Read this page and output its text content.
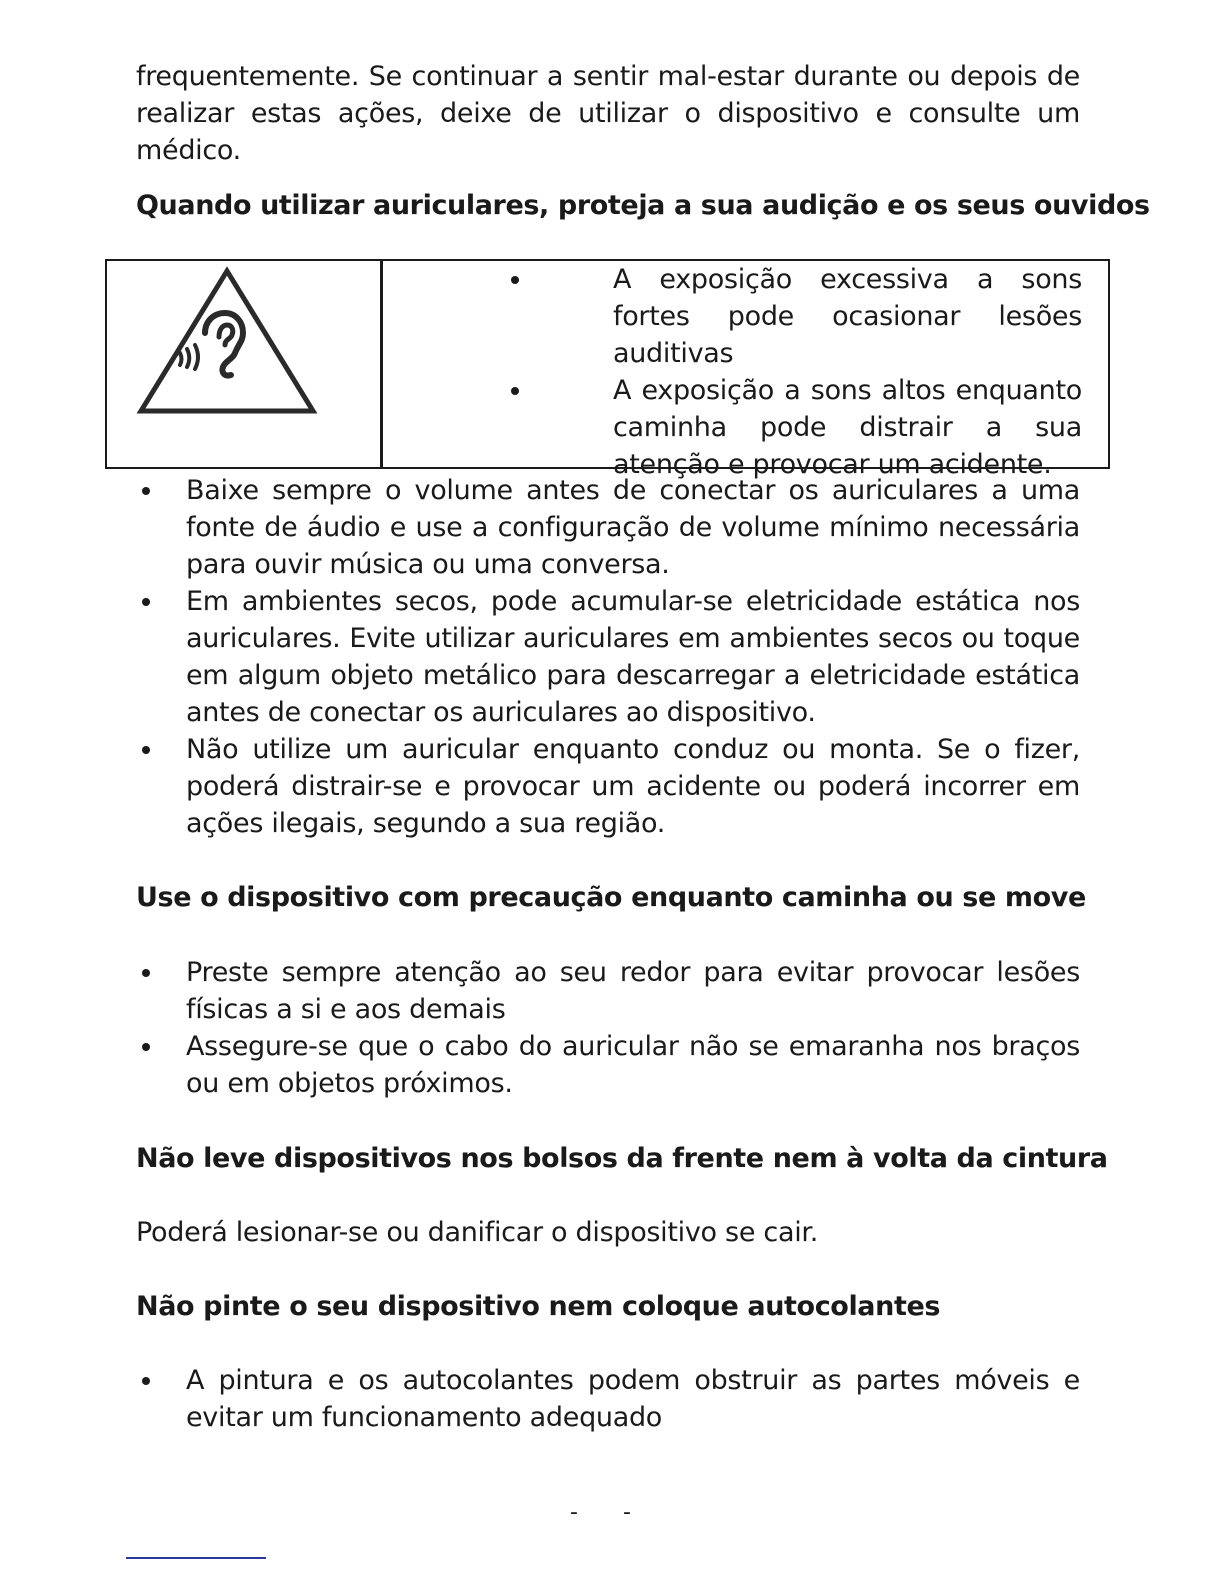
frequentemente. Se continuar a sentir mal-estar durante ou depois de realizar estas ações, deixe de utilizar o dispositivo e consulte um médico.

Quando utilizar auriculares, proteja a sua audição e os seus ouvidos
A exposição excessiva a sons fortes pode ocasionar lesões auditivas
A exposição a sons altos enquanto caminha pode distrair a sua atenção e provocar um acidente.
Baixe sempre o volume antes de conectar os auriculares a uma fonte de áudio e use a configuração de volume mínimo necessária para ouvir música ou uma conversa.
Em ambientes secos, pode acumular-se eletricidade estática nos auriculares. Evite utilizar auriculares em ambientes secos ou toque em algum objeto metálico para descarregar a eletricidade estática antes de conectar os auriculares ao dispositivo.
Não utilize um auricular enquanto conduz ou monta. Se o fizer, poderá distrair-se e provocar um acidente ou poderá incorrer em ações ilegais, segundo a sua região.
Use o dispositivo com precaução enquanto caminha ou se move
Preste sempre atenção ao seu redor para evitar provocar lesões físicas a si e aos demais
Assegure-se que o cabo do auricular não se emaranha nos braços ou em objetos próximos.
Não leve dispositivos nos bolsos da frente nem à volta da cintura

Poderá lesionar-se ou danificar o dispositivo se cair.

Não pinte o seu dispositivo nem coloque autocolantes
A pintura e os autocolantes podem obstruir as partes móveis e evitar um funcionamento adequado
- -
